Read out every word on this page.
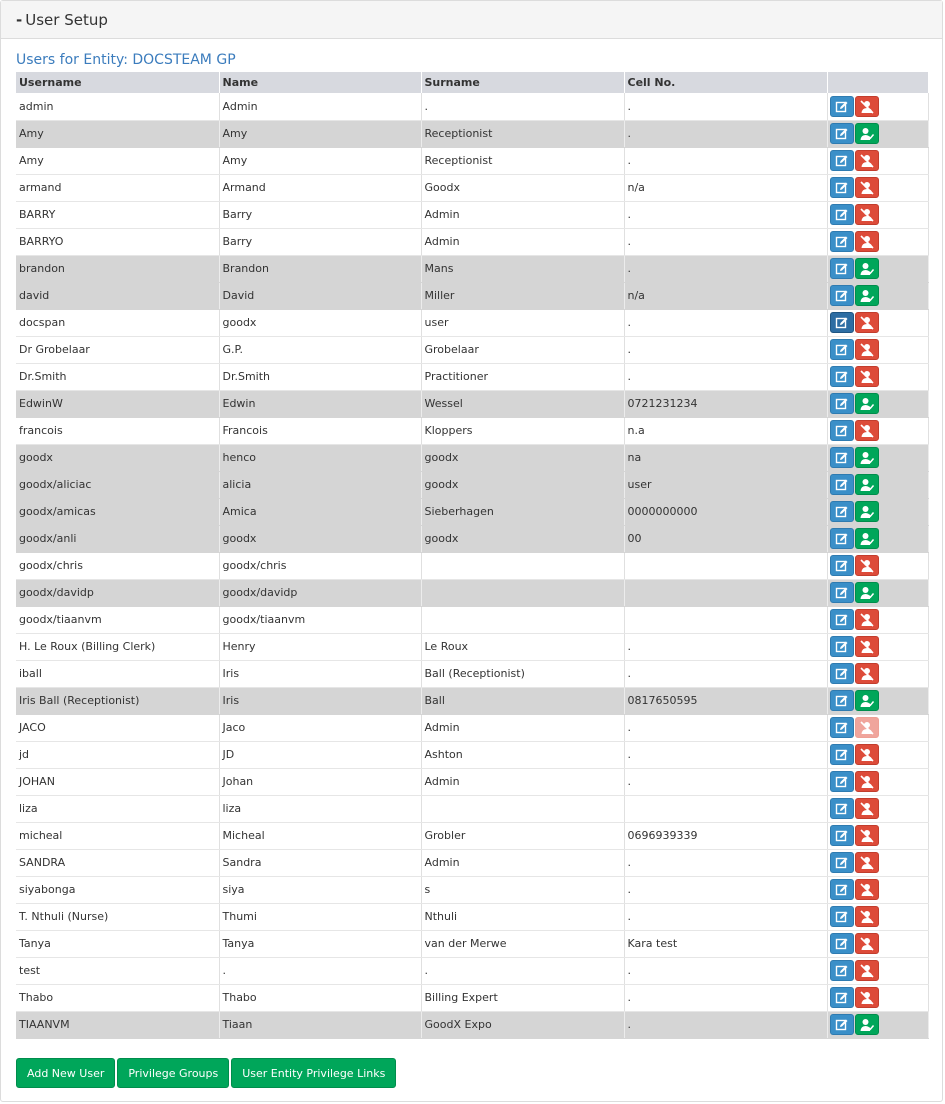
- User Setup
Users for Entity: DOCSTEAM GP
Username	Name	Surname	Cell No.	
admin	Admin	.	.	

Amy	Amy	Receptionist	.	

Amy	Amy	Receptionist	.	

armand	Armand	Goodx	n/a	

BARRY	Barry	Admin	.	

BARRYO	Barry	Admin	.	

brandon	Brandon	Mans	.	

david	David	Miller	n/a	

docspan	goodx	user	.	

Dr Grobelaar	G.P.	Grobelaar	.	

Dr.Smith	Dr.Smith	Practitioner	.	

EdwinW	Edwin	Wessel	0721231234	

francois	Francois	Kloppers	n.a	

goodx	henco	goodx	na	

goodx/aliciac	alicia	goodx	user	

goodx/amicas	Amica	Sieberhagen	0000000000	

goodx/anli	goodx	goodx	00	

goodx/chris	goodx/chris			

goodx/davidp	goodx/davidp			

goodx/tiaanvm	goodx/tiaanvm			

H. Le Roux (Billing Clerk)	Henry	Le Roux	.	

iball	Iris	Ball (Receptionist)	.	

Iris Ball (Receptionist)	Iris	Ball	0817650595	

JACO	Jaco	Admin	.	

jd	JD	Ashton	.	

JOHAN	Johan	Admin	.	

liza	liza			

micheal	Micheal	Grobler	0696939339	

SANDRA	Sandra	Admin	.	

siyabonga	siya	s	.	

T. Nthuli (Nurse)	Thumi	Nthuli	.	

Tanya	Tanya	van der Merwe	Kara test	

test	.	.	.	

Thabo	Thabo	Billing Expert	.	

TIAANVM	Tiaan	GoodX Expo	.	
Add New User	Privilege Groups	User Entity Privilege Links
